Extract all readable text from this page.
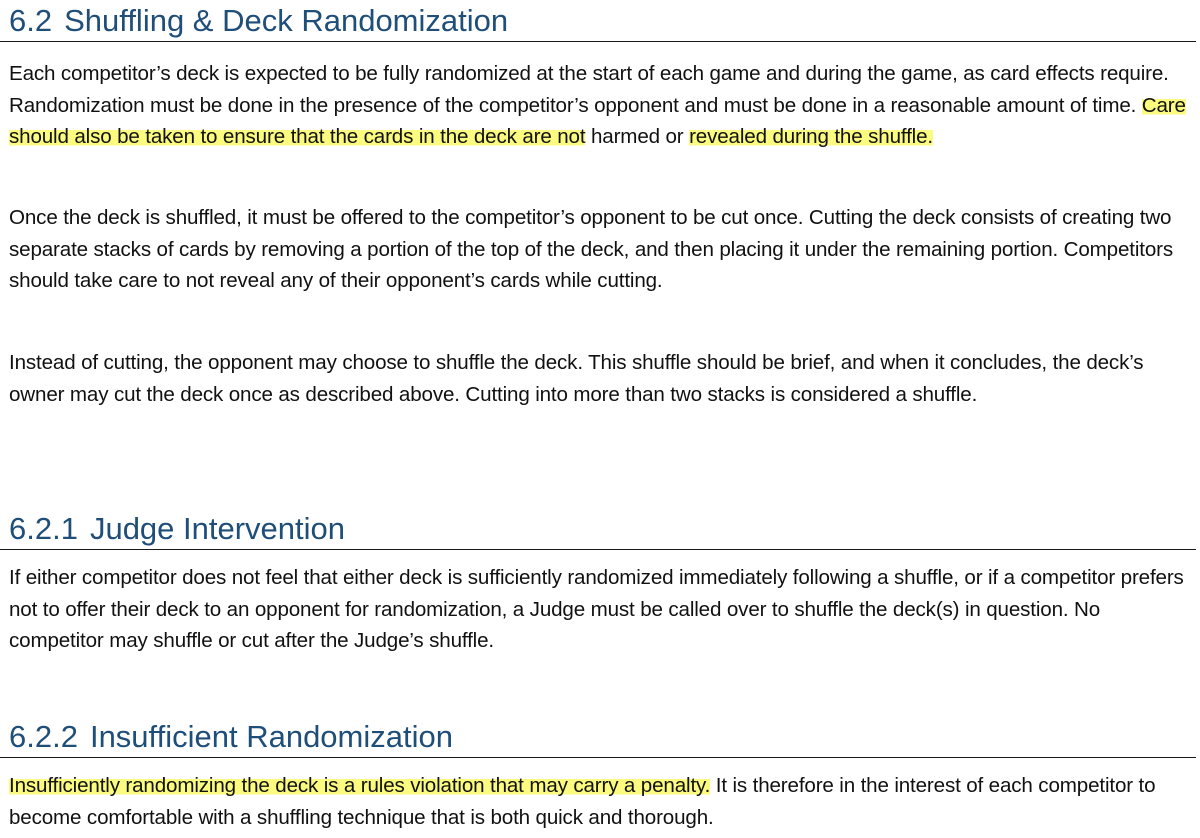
6.2 Shuffling & Deck Randomization

Each competitor’s deck is expected to be fully randomized at the start of each game and during the game, as card effects require. Randomization must be done in the presence of the competitor’s opponent and must be done in a reasonable amount of time. Care should also be taken to ensure that the cards in the deck are not harmed or revealed during the shuffle.

Once the deck is shuffled, it must be offered to the competitor’s opponent to be cut once. Cutting the deck consists of creating two separate stacks of cards by removing a portion of the top of the deck, and then placing it under the remaining portion. Competitors should take care to not reveal any of their opponent’s cards while cutting.

Instead of cutting, the opponent may choose to shuffle the deck. This shuffle should be brief, and when it concludes, the deck’s owner may cut the deck once as described above. Cutting into more than two stacks is considered a shuffle.

6.2.1 Judge Intervention

If either competitor does not feel that either deck is sufficiently randomized immediately following a shuffle, or if a competitor prefers not to offer their deck to an opponent for randomization, a Judge must be called over to shuffle the deck(s) in question. No competitor may shuffle or cut after the Judge’s shuffle.

6.2.2 Insufficient Randomization

Insufficiently randomizing the deck is a rules violation that may carry a penalty. It is therefore in the interest of each competitor to become comfortable with a shuffling technique that is both quick and thorough.
